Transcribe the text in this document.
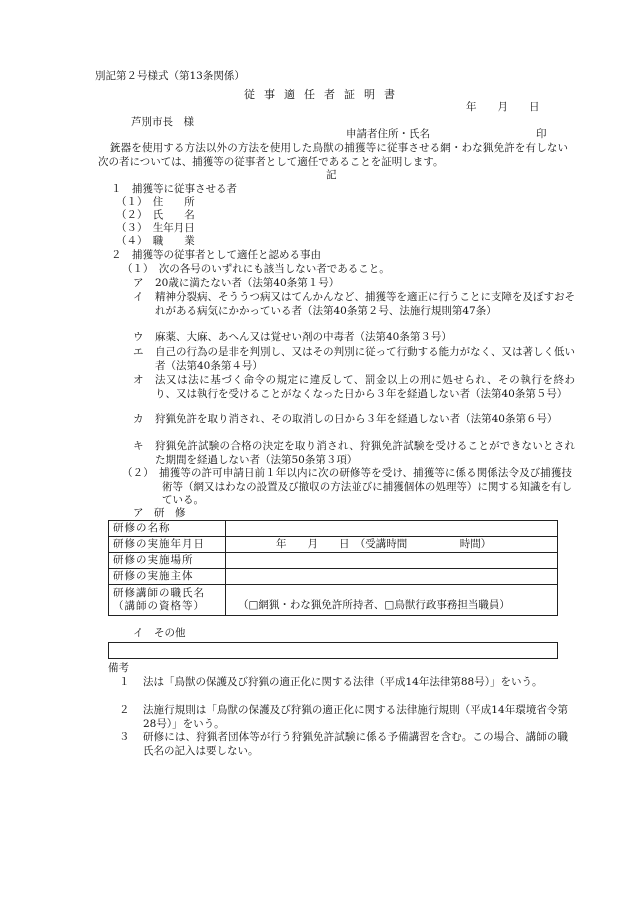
別記第２号様式（第13条関係）
従事適任者証明書
年　　月　　日
芦別市長　様
申請者住所・氏名	印
銃器を使用する方法以外の方法を使用した鳥獣の捕獲等に従事させる網・わな猟免許を有しない次の者については、捕獲等の従事者として適任であることを証明します。
記
１　捕獲等に従事させる者
（１）　住　　所
（２）　氏　　名
（３）　生年月日
（４）　職　　業
２　捕獲等の従事者として適任と認める事由
（１）　次の各号のいずれにも該当しない者であること。
ア 20歳に満たない者（法第40条第１号）
イ 精神分裂病、そううつ病又はてんかんなど、捕獲等を適正に行うことに支障を及ぼすおそれがある病気にかかっている者（法第40条第２号、法施行規則第47条）
ウ 麻薬、大麻、あへん又は覚せい剤の中毒者（法第40条第３号）
エ 自己の行為の是非を判別し、又はその判別に従って行動する能力がなく、又は著しく低い者（法第40条第４号）
オ 法又は法に基づく命令の規定に違反して、罰金以上の刑に処せられ、その執行を終わり、又は執行を受けることがなくなった日から３年を経過しない者（法第40条第５号）
カ 狩猟免許を取り消され、その取消しの日から３年を経過しない者（法第40条第６号）
キ 狩猟免許試験の合格の決定を取り消され、狩猟免許試験を受けることができないとされた期間を経過しない者（法第50条第３項）
（２）　捕獲等の許可申請日前１年以内に次の研修等を受け、捕獲等に係る関係法令及び捕獲技術等（網又はわなの設置及び撤収の方法並びに捕獲個体の処理等）に関する知識を有している。
ア　研　修
研修の名称	
研修の実施年月日	年　　月　　日　（受講時間　　　　　時間）
研修の実施場所	
研修の実施主体	
研修講師の職氏名（講師の資格等）	（□網猟・わな猟免許所持者、□鳥獣行政事務担当職員）
イ　その他
備考
１ 法は「鳥獣の保護及び狩猟の適正化に関する法律（平成14年法律第88号）」をいう。
２ 法施行規則は「鳥獣の保護及び狩猟の適正化に関する法律施行規則（平成14年環境省令第28号）」をいう。
３ 研修には、狩猟者団体等が行う狩猟免許試験に係る予備講習を含む。この場合、講師の職氏名の記入は要しない。
